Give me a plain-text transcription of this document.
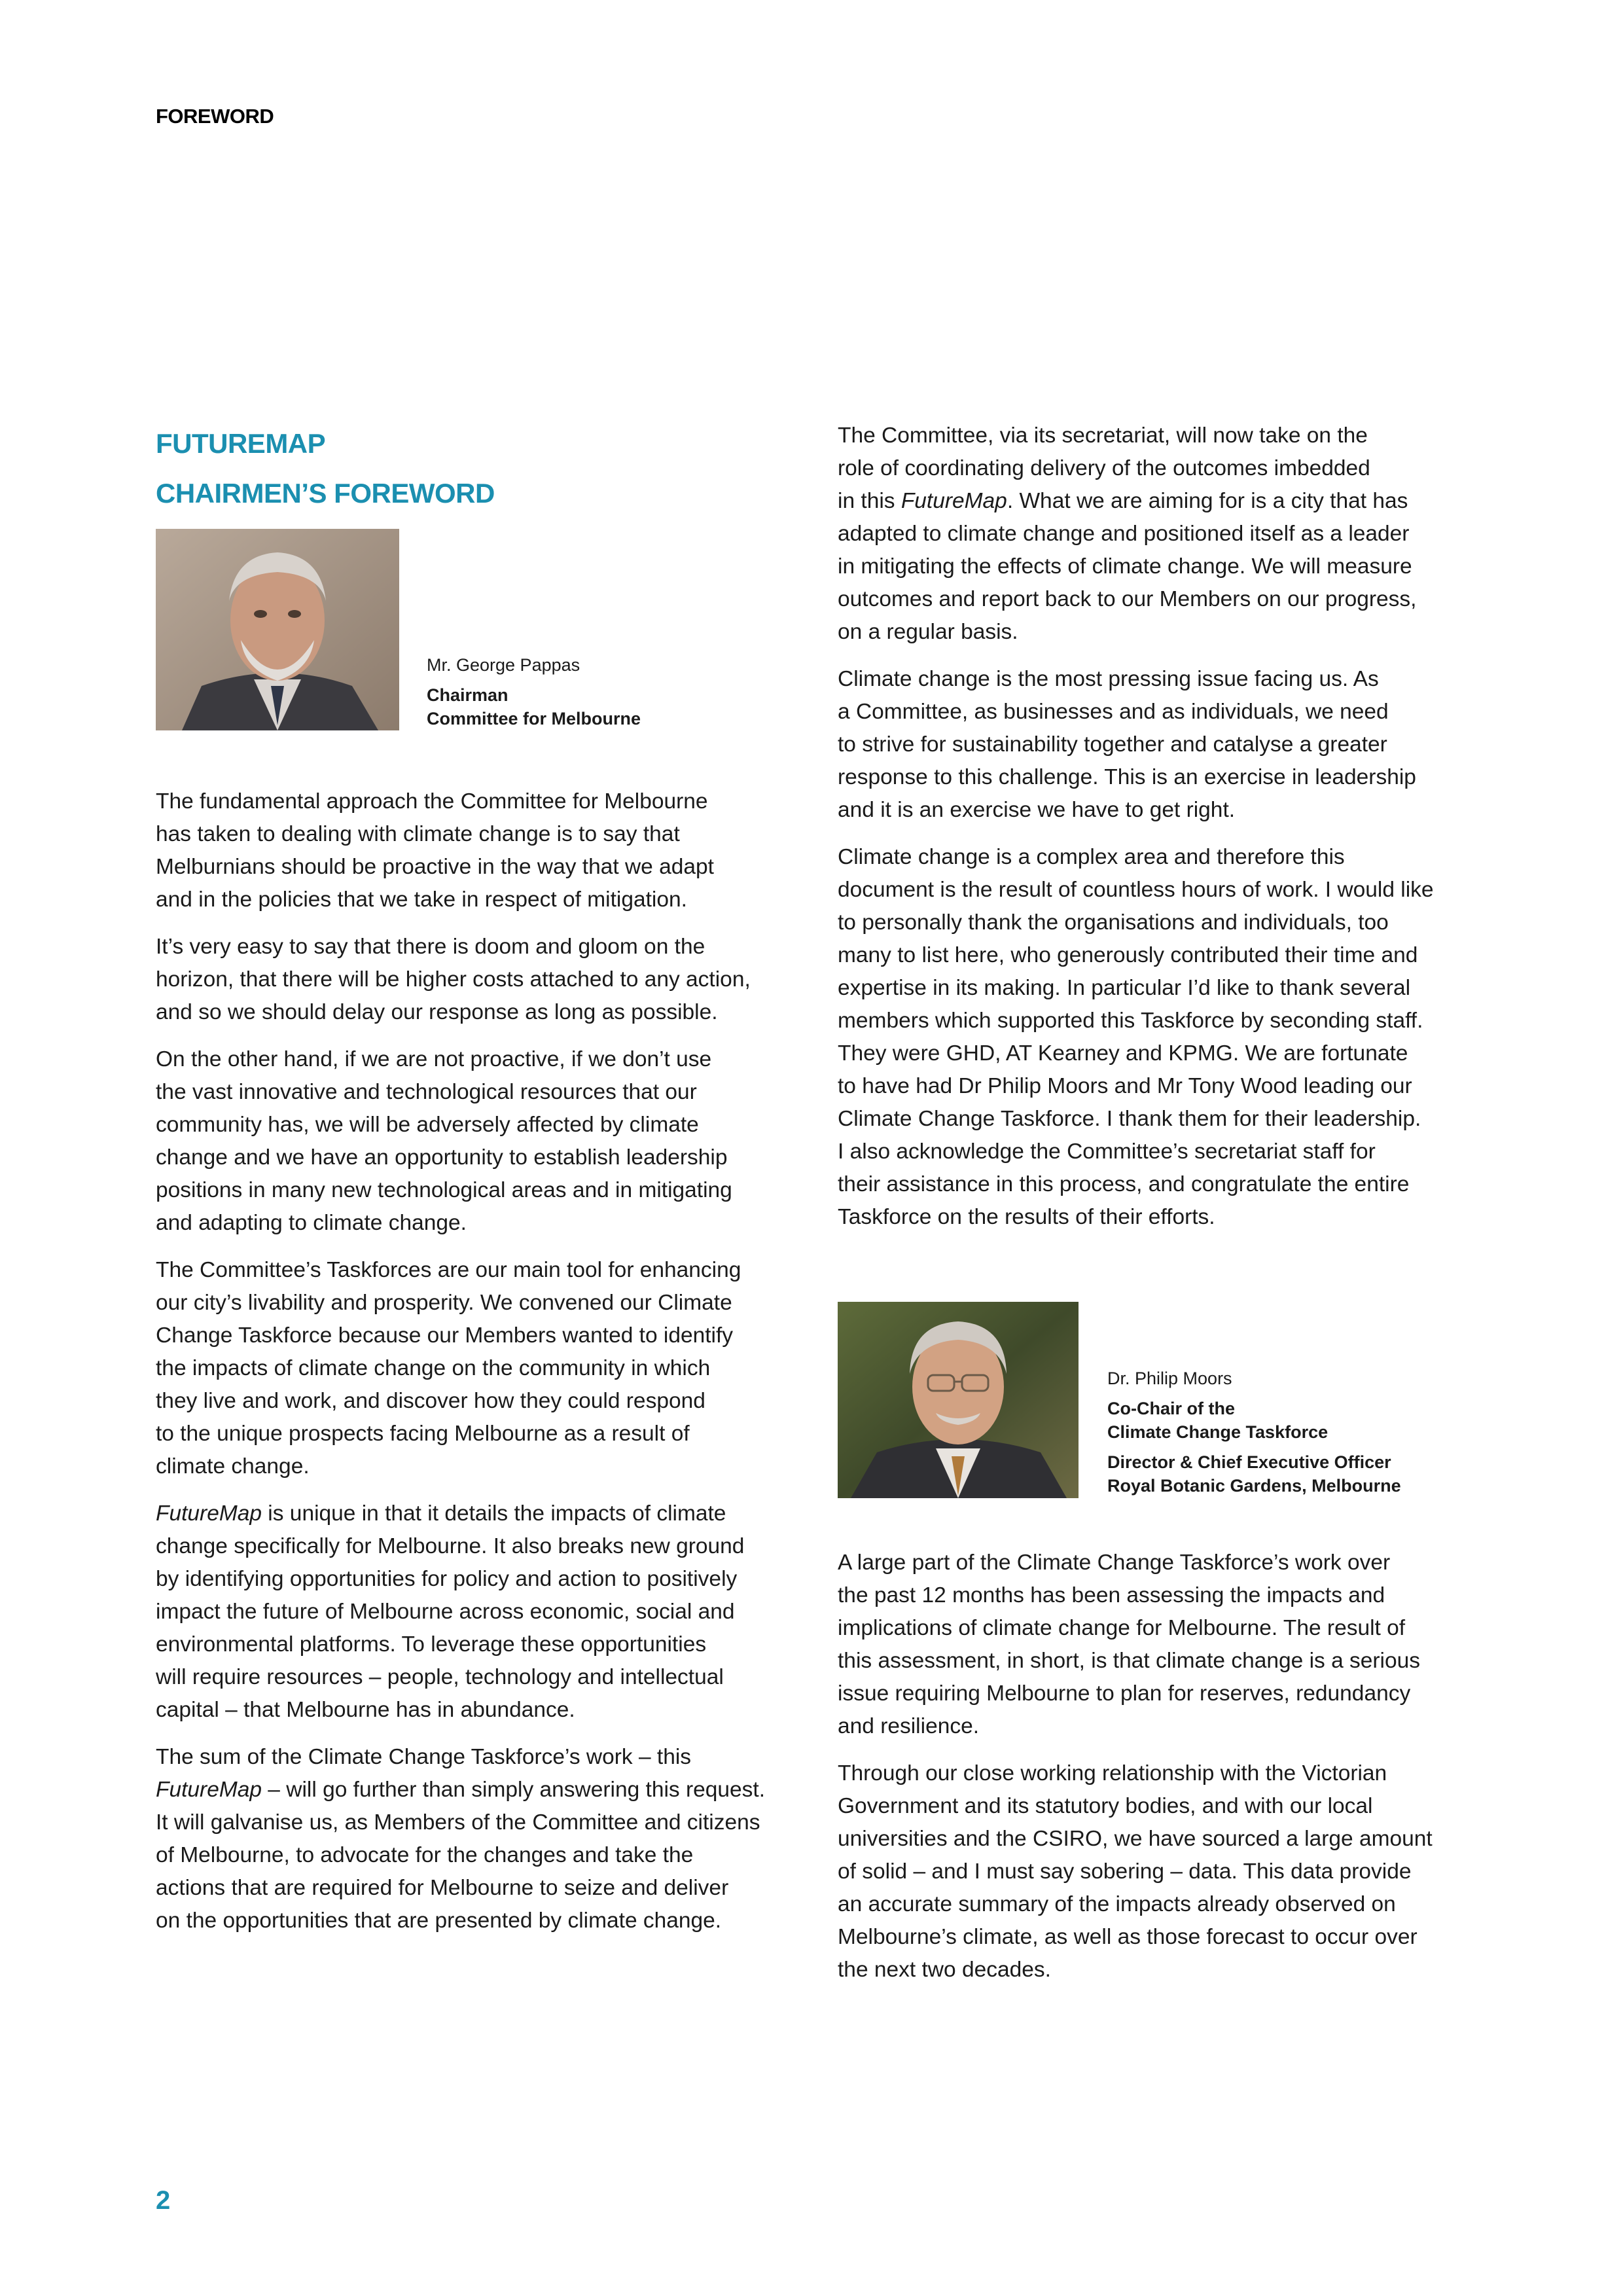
FOREWORD
FUTUREMAP
CHAIRMEN’S FOREWORD
Mr. George Pappas
Chairman
Committee for Melbourne

The fundamental approach the Committee for Melbourne
has taken to dealing with climate change is to say that
Melburnians should be proactive in the way that we adapt
and in the policies that we take in respect of mitigation.

It’s very easy to say that there is doom and gloom on the
horizon, that there will be higher costs attached to any action,
and so we should delay our response as long as possible.

On the other hand, if we are not proactive, if we don’t use
the vast innovative and technological resources that our
community has, we will be adversely affected by climate
change and we have an opportunity to establish leadership
positions in many new technological areas and in mitigating
and adapting to climate change.

The Committee’s Taskforces are our main tool for enhancing
our city’s livability and prosperity. We convened our Climate
Change Taskforce because our Members wanted to identify
the impacts of climate change on the community in which
they live and work, and discover how they could respond
to the unique prospects facing Melbourne as a result of
climate change.

FutureMap is unique in that it details the impacts of climate
change specifically for Melbourne. It also breaks new ground
by identifying opportunities for policy and action to positively
impact the future of Melbourne across economic, social and
environmental platforms. To leverage these opportunities
will require resources – people, technology and intellectual
capital – that Melbourne has in abundance.

The sum of the Climate Change Taskforce’s work – this
FutureMap – will go further than simply answering this request.
It will galvanise us, as Members of the Committee and citizens
of Melbourne, to advocate for the changes and take the
actions that are required for Melbourne to seize and deliver
on the opportunities that are presented by climate change.

The Committee, via its secretariat, will now take on the
role of coordinating delivery of the outcomes imbedded
in this FutureMap. What we are aiming for is a city that has
adapted to climate change and positioned itself as a leader
in mitigating the effects of climate change. We will measure
outcomes and report back to our Members on our progress,
on a regular basis.

Climate change is the most pressing issue facing us. As
a Committee, as businesses and as individuals, we need
to strive for sustainability together and catalyse a greater
response to this challenge. This is an exercise in leadership
and it is an exercise we have to get right.

Climate change is a complex area and therefore this
document is the result of countless hours of work. I would like
to personally thank the organisations and individuals, too
many to list here, who generously contributed their time and
expertise in its making. In particular I’d like to thank several
members which supported this Taskforce by seconding staff.
They were GHD, AT Kearney and KPMG. We are fortunate
to have had Dr Philip Moors and Mr Tony Wood leading our
Climate Change Taskforce. I thank them for their leadership.
I also acknowledge the Committee’s secretariat staff for
their assistance in this process, and congratulate the entire
Taskforce on the results of their efforts.

Dr. Philip Moors
Co-Chair of the
Climate Change Taskforce
Director & Chief Executive Officer
Royal Botanic Gardens, Melbourne

A large part of the Climate Change Taskforce’s work over
the past 12 months has been assessing the impacts and
implications of climate change for Melbourne. The result of
this assessment, in short, is that climate change is a serious
issue requiring Melbourne to plan for reserves, redundancy
and resilience.

Through our close working relationship with the Victorian
Government and its statutory bodies, and with our local
universities and the CSIRO, we have sourced a large amount
of solid – and I must say sobering – data. This data provide
an accurate summary of the impacts already observed on
Melbourne’s climate, as well as those forecast to occur over
the next two decades.

2
